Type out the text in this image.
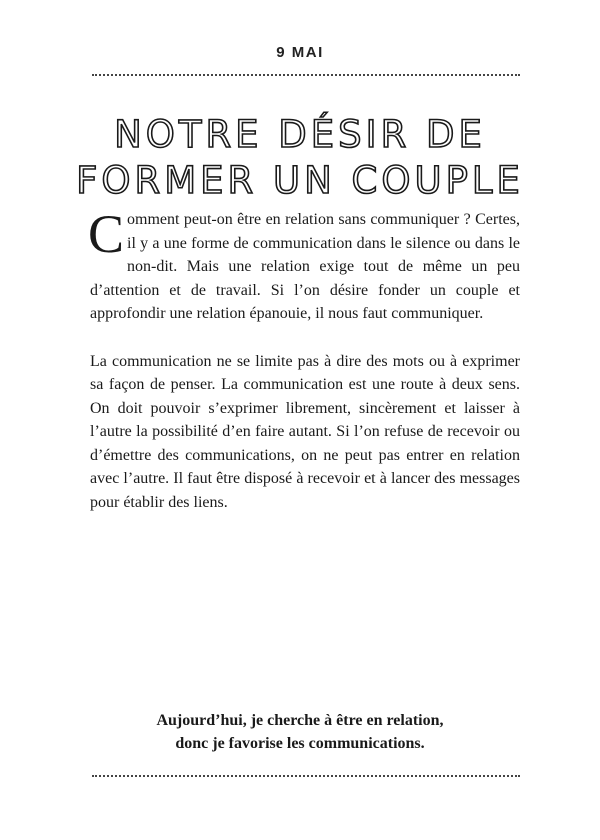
9 MAI
NOTRE DÉSIR DE
FORMER UN COUPLE

Comment peut-on être en relation sans communiquer ? Certes, il y a une forme de communication dans le silence ou dans le non-dit. Mais une relation exige tout de même un peu d’attention et de travail. Si l’on désire fonder un couple et approfondir une relation épanouie, il nous faut communiquer.

La communication ne se limite pas à dire des mots ou à exprimer sa façon de penser. La communication est une route à deux sens. On doit pouvoir s’exprimer librement, sincèrement et laisser à l’autre la possibilité d’en faire autant. Si l’on refuse de recevoir ou d’émettre des communications, on ne peut pas entrer en relation avec l’autre. Il faut être disposé à recevoir et à lancer des messages pour établir des liens.

Aujourd’hui, je cherche à être en relation,
donc je favorise les communications.
